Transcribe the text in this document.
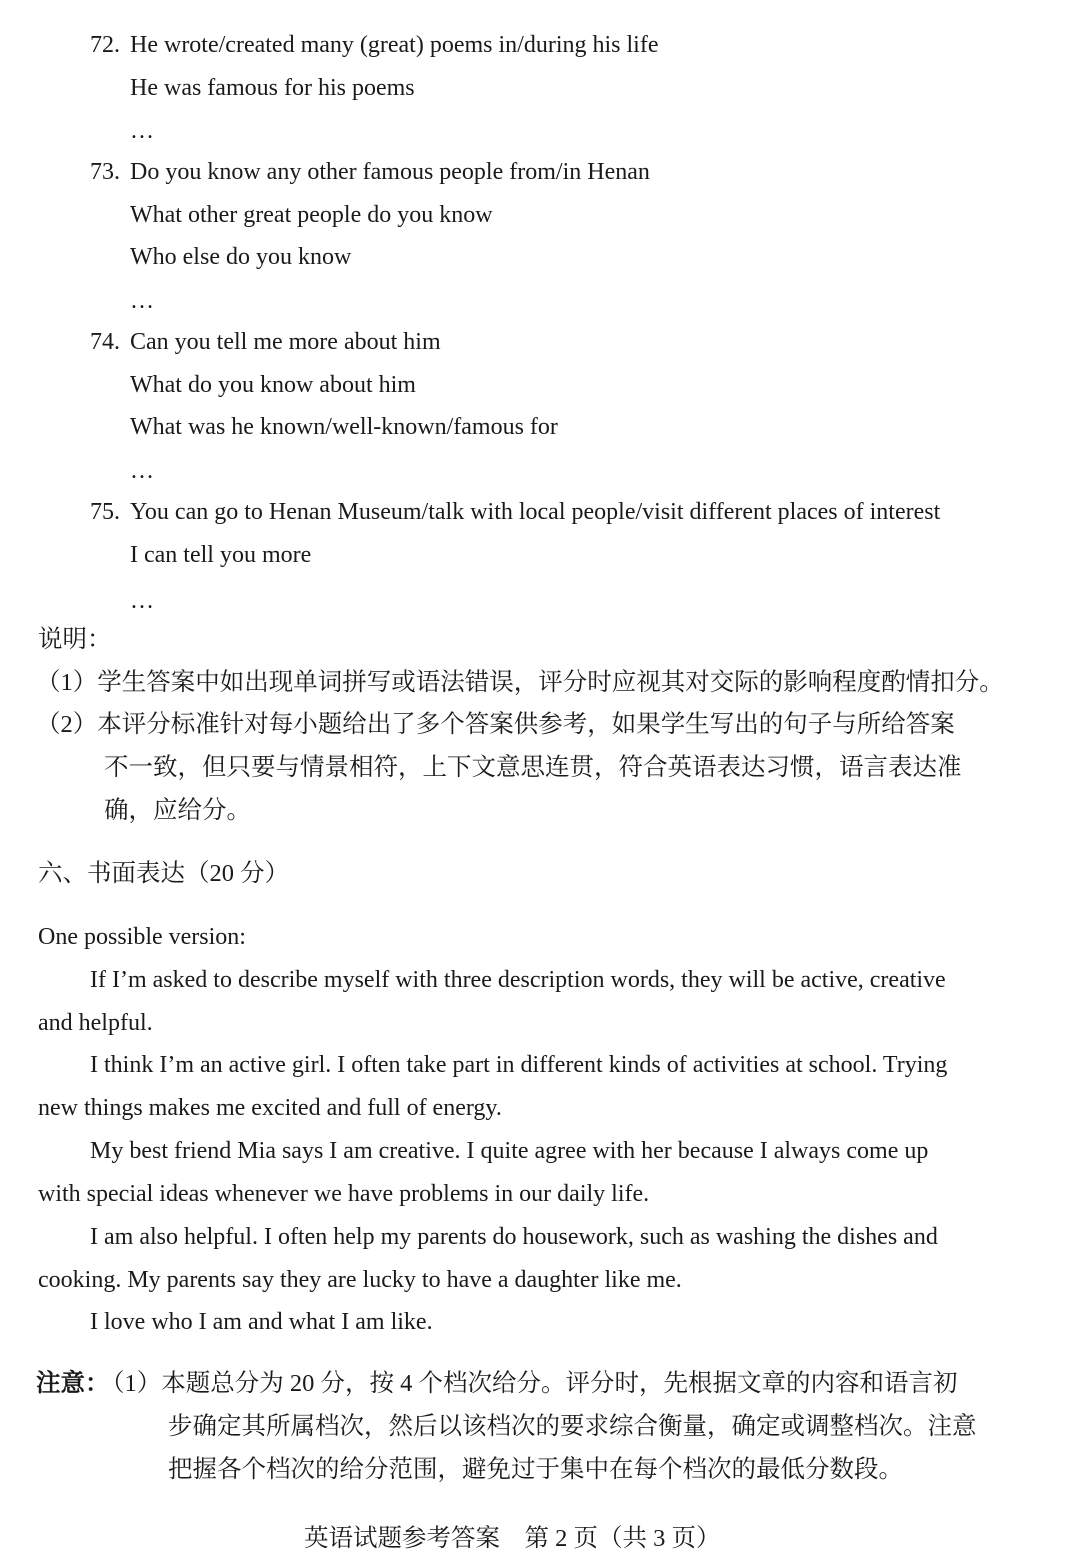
72. He wrote/created many (great) poems in/during his life
He was famous for his poems
…
73. Do you know any other famous people from/in Henan
What other great people do you know
Who else do you know
…
74. Can you tell me more about him
What do you know about him
What was he known/well-known/famous for
…
75. You can go to Henan Museum/talk with local people/visit different places of interest
I can tell you more
…
说明：
（1）学生答案中如出现单词拼写或语法错误，评分时应视其对交际的影响程度酌情扣分。
（2）本评分标准针对每小题给出了多个答案供参考，如果学生写出的句子与所给答案
不一致，但只要与情景相符，上下文意思连贯，符合英语表达习惯，语言表达准
确，应给分。
六、书面表达（20 分）
One possible version:
If I’m asked to describe myself with three description words, they will be active, creative
and helpful.
I think I’m an active girl. I often take part in different kinds of activities at school. Trying
new things makes me excited and full of energy.
My best friend Mia says I am creative. I quite agree with her because I always come up
with special ideas whenever we have problems in our daily life.
I am also helpful. I often help my parents do housework, such as washing the dishes and
cooking. My parents say they are lucky to have a daughter like me.
I love who I am and what I am like.
注意：
（1）本题总分为 20 分，按 4 个档次给分。评分时，先根据文章的内容和语言初
步确定其所属档次，然后以该档次的要求综合衡量，确定或调整档次。注意
把握各个档次的给分范围，避免过于集中在每个档次的最低分数段。
英语试题参考答案　第 2 页（共 3 页）
